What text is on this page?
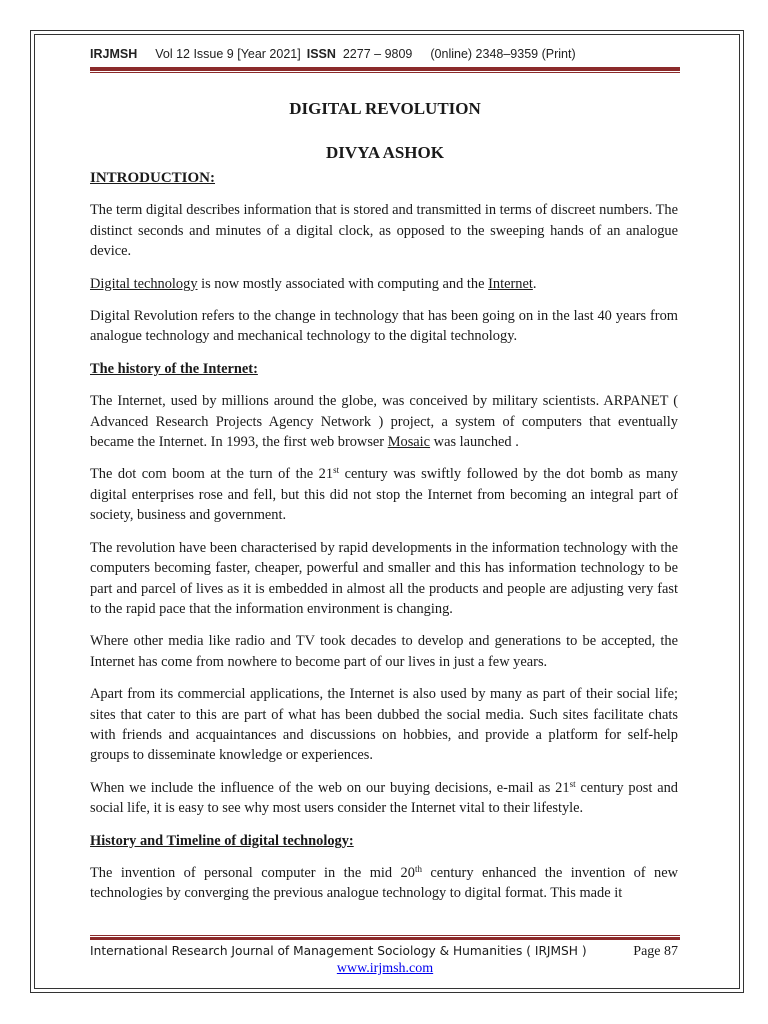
IRJMSH Vol 12 Issue 9 [Year 2021] ISSN 2277 – 9809 (0nline) 2348–9359 (Print)
DIGITAL REVOLUTION
DIVYA ASHOK
INTRODUCTION:

The term digital describes information that is stored and transmitted in terms of discreet numbers. The distinct seconds and minutes of a digital clock, as opposed to the sweeping hands of an analogue device.

Digital technology is now mostly associated with computing and the Internet.

Digital Revolution refers to the change in technology that has been going on in the last 40 years from analogue technology and mechanical technology to the digital technology.

The history of the Internet:

The Internet, used by millions around the globe, was conceived by military scientists. ARPANET ( Advanced Research Projects Agency Network ) project, a system of computers that eventually became the Internet. In 1993, the first web browser Mosaic was launched .

The dot com boom at the turn of the 21st century was swiftly followed by the dot bomb as many digital enterprises rose and fell, but this did not stop the Internet from becoming an integral part of society, business and government.

The revolution have been characterised by rapid developments in the information technology with the computers becoming faster, cheaper, powerful and smaller and this has information technology to be part and parcel of lives as it is embedded in almost all the products and people are adjusting very fast to the rapid pace that the information environment is changing.

Where other media like radio and TV took decades to develop and generations to be accepted, the Internet has come from nowhere to become part of our lives in just a few years.

Apart from its commercial applications, the Internet is also used by many as part of their social life; sites that cater to this are part of what has been dubbed the social media. Such sites facilitate chats with friends and acquaintances and discussions on hobbies, and provide a platform for self-help groups to disseminate knowledge or experiences.

When we include the influence of the web on our buying decisions, e-mail as 21st century post and social life, it is easy to see why most users consider the Internet vital to their lifestyle.

History and Timeline of digital technology:

The invention of personal computer in the mid 20th century enhanced the invention of new technologies by converging the previous analogue technology to digital format. This made it

International Research Journal of Management Sociology & Humanities ( IRJMSH )	Page 87
www.irjmsh.com
